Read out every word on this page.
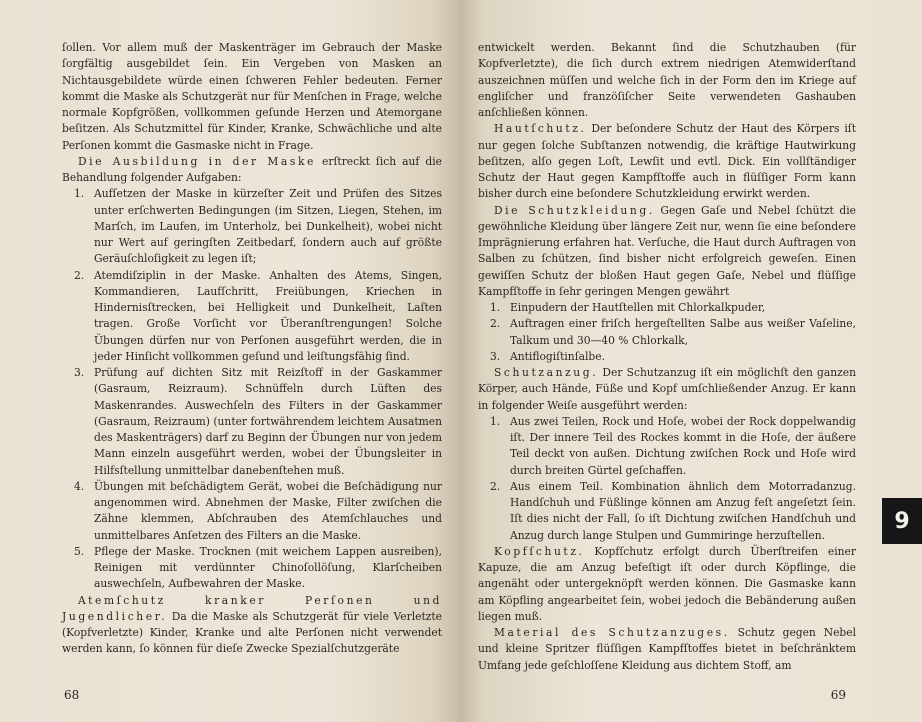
ſollen. Vor allem muß der Maskenträger im Gebrauch der Maske ſorgfältig ausgebildet ſein. Ein Vergeben von Masken an Nichtausgebildete würde einen ſchweren Fehler bedeuten. Ferner kommt die Maske als Schutzgerät nur für Menſchen in Frage, welche normale Kopfgrößen, vollkommen geſunde Herzen und Atemorgane beſitzen. Als Schutzmittel für Kinder, Kranke, Schwächliche und alte Perſonen kommt die Gasmaske nicht in Frage.

Die Ausbildung in der Maske erſtreckt ſich auf die Behandlung folgender Aufgaben:

1. Aufſetzen der Maske in kürzeſter Zeit und Prüfen des Sitzes unter erſchwerten Bedingungen (im Sitzen, Liegen, Stehen, im Marſch, im Laufen, im Unterholz, bei Dunkelheit), wobei nicht nur Wert auf geringſten Zeitbedarf, ſondern auch auf größte Geräuſchloſigkeit zu legen iſt;
2. Atemdiſziplin in der Maske. Anhalten des Atems, Singen, Kommandieren, Laufſchritt, Freiübungen, Kriechen in Hindernisſtrecken, bei Helligkeit und Dunkelheit, Laſten tragen. Große Vorſicht vor Überanſtrengungen! Solche Übungen dürfen nur von Perſonen ausgeführt werden, die in jeder Hinſicht vollkommen geſund und leiſtungsfähig ſind.
3. Prüfung auf dichten Sitz mit Reizſtoff in der Gaskammer (Gasraum, Reizraum). Schnüffeln durch Lüften des Maskenrandes. Auswechſeln des Filters in der Gaskammer (Gasraum, Reizraum) (unter fortwährendem leichtem Ausatmen des Maskenträgers) darf zu Beginn der Übungen nur von jedem Mann einzeln ausgeführt werden, wobei der Übungsleiter in Hilfsſtellung unmittelbar danebenſtehen muß.
4. Übungen mit beſchädigtem Gerät, wobei die Beſchädigung nur angenommen wird. Abnehmen der Maske, Filter zwiſchen die Zähne klemmen, Abſchrauben des Atemſchlauches und unmittelbares Anſetzen des Filters an die Maske.
5. Pflege der Maske. Trocknen (mit weichem Lappen ausreiben), Reinigen mit verdünnter Chinoſollöſung, Klarſcheiben auswechſeln, Aufbewahren der Maske.

Atemſchutz kranker Perſonen und Jugendlicher. Da die Maske als Schutzgerät für viele Verletzte (Kopfverletzte) Kinder, Kranke und alte Perſonen nicht verwendet werden kann, ſo können für dieſe Zwecke Spezialſchutzgeräte

68

entwickelt werden. Bekannt ſind die Schutzhauben (für Kopfverletzte), die ſich durch extrem niedrigen Atemwiderſtand auszeichnen müſſen und welche ſich in der Form den im Kriege auf engliſcher und franzöſiſcher Seite verwendeten Gashauben anſchließen können.

Hautſchutz. Der beſondere Schutz der Haut des Körpers iſt nur gegen ſolche Subſtanzen notwendig, die kräftige Hautwirkung beſitzen, alſo gegen Loſt, Lewſit und evtl. Dick. Ein vollſtändiger Schutz der Haut gegen Kampfſtoffe auch in flüſſiger Form kann bisher durch eine beſondere Schutzkleidung erwirkt werden.

Die Schutzkleidung. Gegen Gaſe und Nebel ſchützt die gewöhnliche Kleidung über längere Zeit nur, wenn ſie eine beſondere Imprägnierung erfahren hat. Verſuche, die Haut durch Auftragen von Salben zu ſchützen, ſind bisher nicht erfolgreich geweſen. Einen gewiſſen Schutz der bloßen Haut gegen Gaſe, Nebel und flüſſige Kampfſtoffe in ſehr geringen Mengen gewährt

1. Einpudern der Hautſtellen mit Chlorkalkpuder,
2. Auftragen einer friſch hergeſtellten Salbe aus weißer Vaſeline, Talkum und 30—40 % Chlorkalk,
3. Antiflogiſtinſalbe.

Schutzanzug. Der Schutzanzug iſt ein möglichſt den ganzen Körper, auch Hände, Füße und Kopf umſchließender Anzug. Er kann in folgender Weiſe ausgeführt werden:

1. Aus zwei Teilen, Rock und Hoſe, wobei der Rock doppelwandig iſt. Der innere Teil des Rockes kommt in die Hoſe, der äußere Teil deckt von außen. Dichtung zwiſchen Rock und Hoſe wird durch breiten Gürtel geſchaffen.
2. Aus einem Teil. Kombination ähnlich dem Motorradanzug. Handſchuh und Füßlinge können am Anzug feſt angeſetzt ſein. Iſt dies nicht der Fall, ſo iſt Dichtung zwiſchen Handſchuh und Anzug durch lange Stulpen und Gummiringe herzuſtellen.

Kopfſchutz. Kopfſchutz erfolgt durch Überſtreifen einer Kapuze, die am Anzug befeſtigt iſt oder durch Köpflinge, die angenäht oder untergeknöpft werden können. Die Gasmaske kann am Köpfling angearbeitet ſein, wobei jedoch die Bebänderung außen liegen muß.

Material des Schutzanzuges. Schutz gegen Nebel und kleine Spritzer flüſſigen Kampfſtoffes bietet in beſchränktem Umfang jede geſchloſſene Kleidung aus dichtem Stoff, am

69
9
